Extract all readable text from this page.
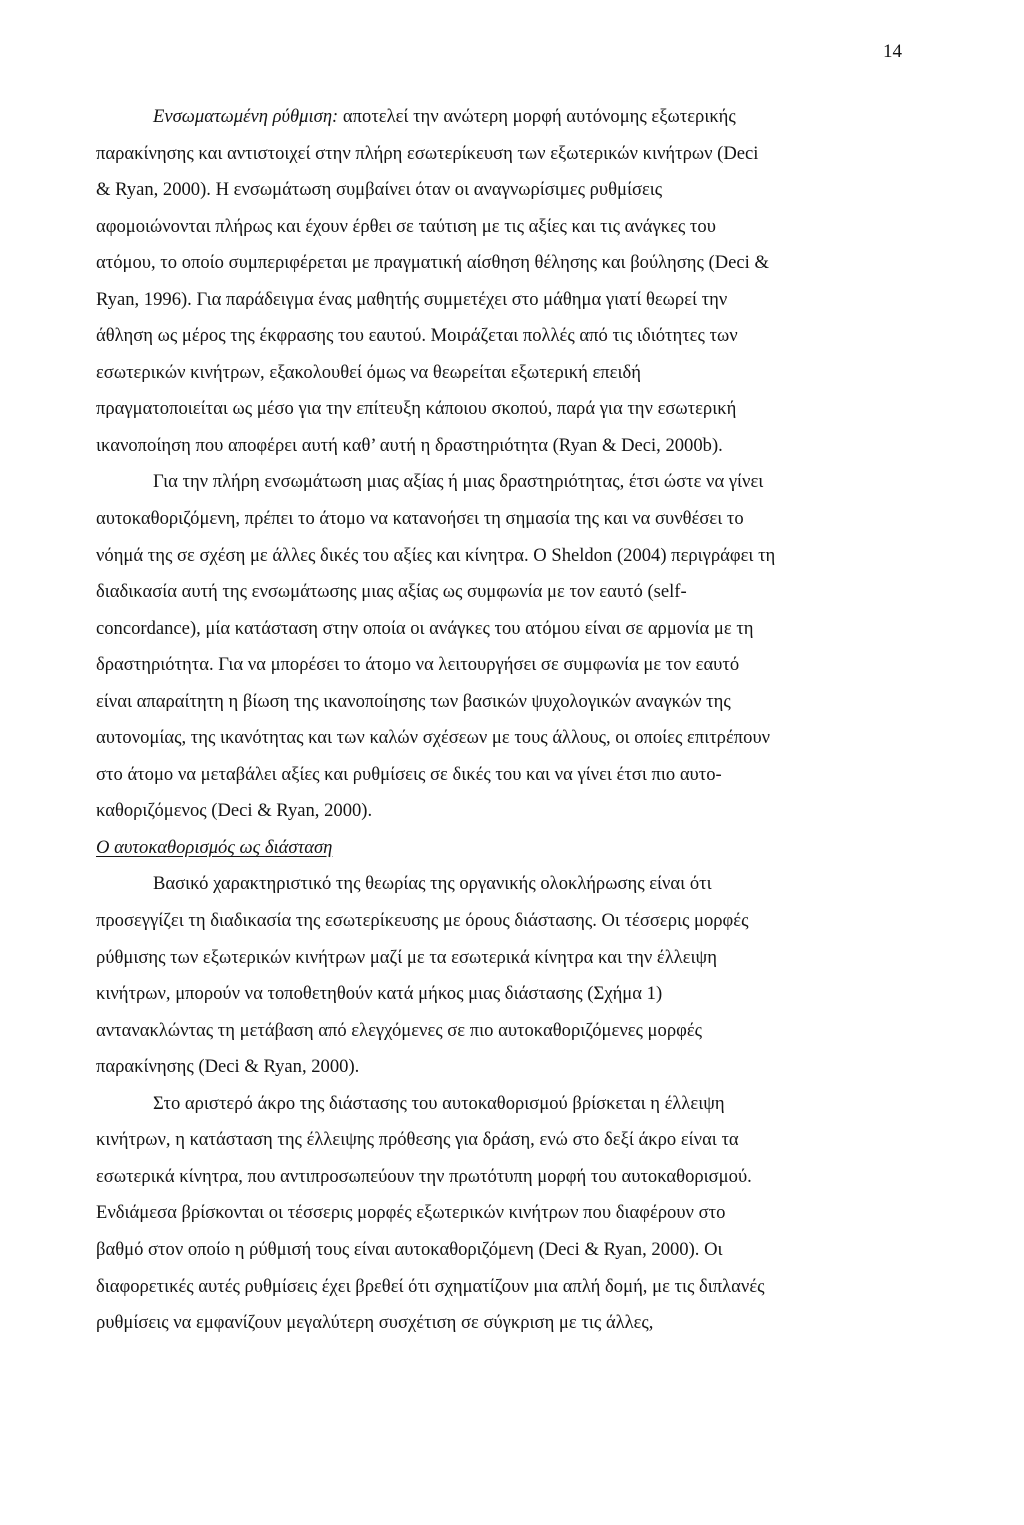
14
Ενσωματωμένη ρύθμιση: αποτελεί την ανώτερη μορφή αυτόνομης εξωτερικής
παρακίνησης και αντιστοιχεί στην πλήρη εσωτερίκευση των εξωτερικών κινήτρων (Deci
& Ryan, 2000). Η ενσωμάτωση συμβαίνει όταν οι αναγνωρίσιμες ρυθμίσεις
αφομοιώνονται πλήρως και έχουν έρθει σε ταύτιση με τις αξίες και τις ανάγκες του
ατόμου, το οποίο συμπεριφέρεται με πραγματική αίσθηση θέλησης και βούλησης (Deci &
Ryan, 1996). Για παράδειγμα ένας μαθητής συμμετέχει στο μάθημα γιατί θεωρεί την
άθληση ως μέρος της έκφρασης του εαυτού. Μοιράζεται πολλές από τις ιδιότητες των
εσωτερικών κινήτρων, εξακολουθεί όμως να θεωρείται εξωτερική επειδή
πραγματοποιείται ως μέσο για την επίτευξη κάποιου σκοπού, παρά για την εσωτερική
ικανοποίηση που αποφέρει αυτή καθ’ αυτή η δραστηριότητα (Ryan & Deci, 2000b).
Για την πλήρη ενσωμάτωση μιας αξίας ή μιας δραστηριότητας, έτσι ώστε να γίνει
αυτοκαθοριζόμενη, πρέπει το άτομο να κατανοήσει τη σημασία της και να συνθέσει το
νόημά της σε σχέση με άλλες δικές του αξίες και κίνητρα. Ο Sheldon (2004) περιγράφει τη
διαδικασία αυτή της ενσωμάτωσης μιας αξίας ως συμφωνία με τον εαυτό (self-
concordance), μία κατάσταση στην οποία οι ανάγκες του ατόμου είναι σε αρμονία με τη
δραστηριότητα. Για να μπορέσει το άτομο να λειτουργήσει σε συμφωνία με τον εαυτό
είναι απαραίτητη η βίωση της ικανοποίησης των βασικών ψυχολογικών αναγκών της
αυτονομίας, της ικανότητας και των καλών σχέσεων με τους άλλους, οι οποίες επιτρέπουν
στο άτομο να μεταβάλει αξίες και ρυθμίσεις σε δικές του και να γίνει έτσι πιο αυτο-
καθοριζόμενος (Deci & Ryan, 2000).
Ο αυτοκαθορισμός ως διάσταση
Βασικό χαρακτηριστικό της θεωρίας της οργανικής ολοκλήρωσης είναι ότι
προσεγγίζει τη διαδικασία της εσωτερίκευσης με όρους διάστασης. Οι τέσσερις μορφές
ρύθμισης των εξωτερικών κινήτρων μαζί με τα εσωτερικά κίνητρα και την έλλειψη
κινήτρων, μπορούν να τοποθετηθούν κατά μήκος μιας διάστασης (Σχήμα 1)
αντανακλώντας τη μετάβαση από ελεγχόμενες σε πιο αυτοκαθοριζόμενες μορφές
παρακίνησης (Deci & Ryan, 2000).
Στο αριστερό άκρο της διάστασης του αυτοκαθορισμού βρίσκεται η έλλειψη
κινήτρων, η κατάσταση της έλλειψης πρόθεσης για δράση, ενώ στο δεξί άκρο είναι τα
εσωτερικά κίνητρα, που αντιπροσωπεύουν την πρωτότυπη μορφή του αυτοκαθορισμού.
Ενδιάμεσα βρίσκονται οι τέσσερις μορφές εξωτερικών κινήτρων που διαφέρουν στο
βαθμό στον οποίο η ρύθμισή τους είναι αυτοκαθοριζόμενη (Deci & Ryan, 2000). Οι
διαφορετικές αυτές ρυθμίσεις έχει βρεθεί ότι σχηματίζουν μια απλή δομή, με τις διπλανές
ρυθμίσεις να εμφανίζουν μεγαλύτερη συσχέτιση σε σύγκριση με τις άλλες,
